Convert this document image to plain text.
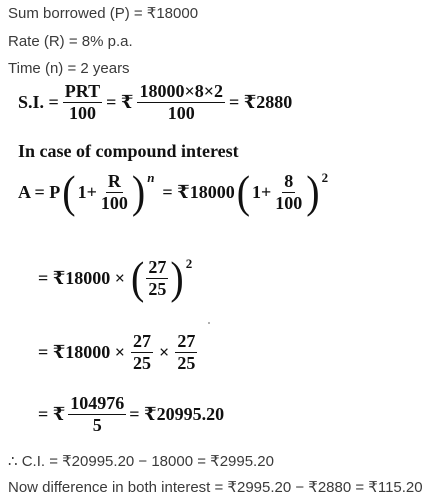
Sum borrowed (P) = ₹18000
Rate (R) = 8% p.a.
Time (n) = 2 years
S.I. = $\frac{\text{PRT}}{100}$ = ₹ $\frac{18000\times 8\times 2}{100}$ = ₹2880
In case of compound interest
A = P ( $1+ \frac{R}{100} )^n$
= ₹18000 ( $1+ \frac{8}{100} )^2$
= ₹18000 × ( $\frac{27}{25} )^2$
= ₹18000 × $\frac{27}{25} \times \frac{27}{25}$
= ₹ $\frac{104976}{5}$ = ₹20995.20
∴ C.I. = ₹20995.20 − 18000 = ₹2995.20
Now difference in both interest = ₹2995.20 − ₹2880 = ₹115.20
